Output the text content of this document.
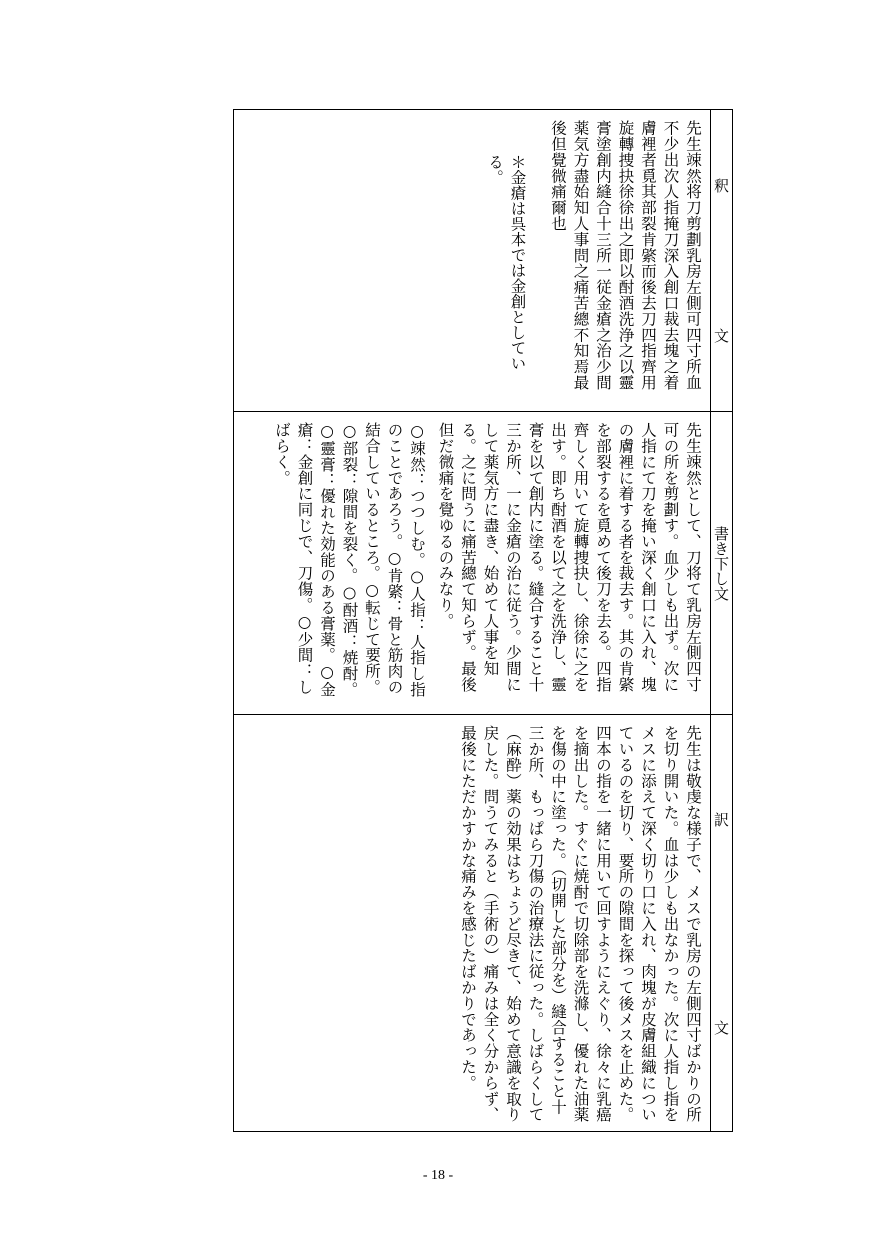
釈
文
先生竦然将刀剪劃乳房左側可四寸所血不少出次人指掩刀深入創口裁去塊之着膚裡者覓其部裂肯綮而後去刀四指齊用旋轉捜抉徐徐出之即以酎酒洗浄之以靈膏塗創内縫合十三所一従金瘡之治少間薬気方盡始知人事問之痛苦總不知焉最後但覺微痛爾也
＊金瘡は呉本では金創としている。
書き下し文
先生竦然として、刀将て乳房左側四寸可の所を剪劃す。血少しも出ず。次に人指にて刀を掩い深く創口に入れ、塊の膚裡に着する者を裁去す。其の肯綮を部裂するを覓めて後刀を去る。四指齊しく用いて旋轉捜抉し、徐徐に之を出す。即ち酎酒を以て之を洗浄し、靈膏を以て創内に塗る。縫合すること十三か所、一に金瘡の治に従う。少間にして薬気方に盡き、始めて人事を知る。之に問うに痛苦總て知らず。最後但だ微痛を覺ゆるのみなり。
○竦然：つつしむ。○人指：人指し指のことであろう。○肯綮：骨と筋肉の結合しているところ。○転じて要所。○部裂：隙間を裂く。○酎酒：焼酎。○靈膏：優れた効能のある膏薬。○金瘡：金創に同じで、刀傷。○少間：しばらく。
訳
文
先生は敬虔な様子で、メスで乳房の左側四寸ばかりの所を切り開いた。血は少しも出なかった。次に人指し指をメスに添えて深く切り口に入れ、肉塊が皮膚組織についているのを切り、要所の隙間を探って後メスを止めた。四本の指を一緒に用いて回すようにえぐり、徐々に乳癌を摘出した。すぐに焼酎で切除部を洗滌し、優れた油薬を傷の中に塗った。（切開した部分を）縫合すること十三か所、もっぱら刀傷の治療法に従った。しばらくして（麻酔）薬の効果はちょうど尽きて、始めて意識を取り戻した。問うてみると（手術の）痛みは全く分からず、最後にただかすかな痛みを感じたばかりであった。
- 18 -
